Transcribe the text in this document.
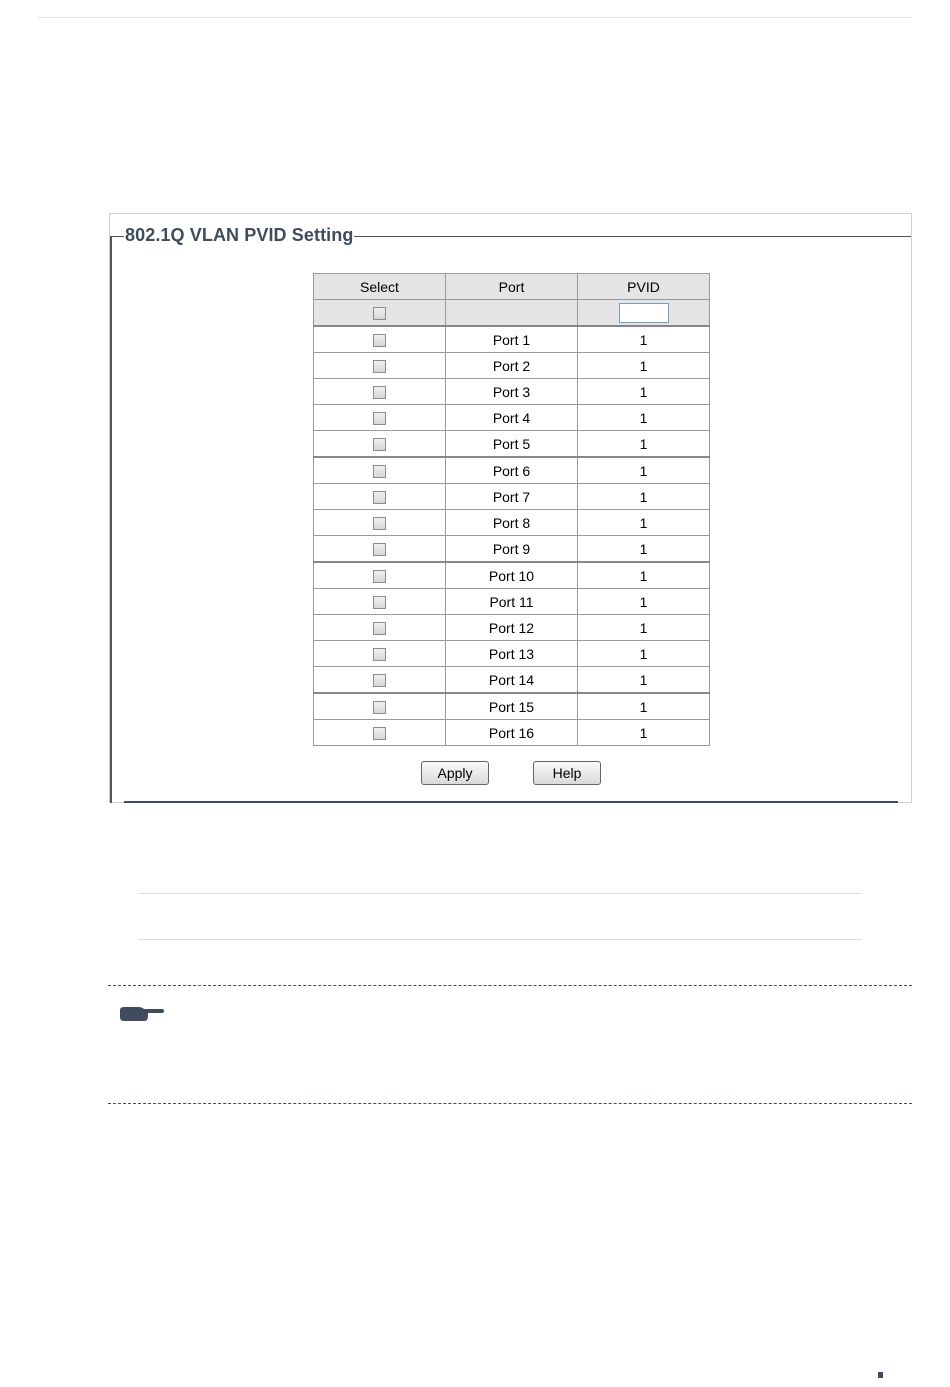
802.1Q VLAN PVID Setting
Select	Port	PVID

	Port 1	1
	Port 2	1
	Port 3	1
	Port 4	1
	Port 5	1
	Port 6	1
	Port 7	1
	Port 8	1
	Port 9	1
	Port 10	1
	Port 11	1
	Port 12	1
	Port 13	1
	Port 14	1
	Port 15	1
	Port 16	1
Apply	Help
